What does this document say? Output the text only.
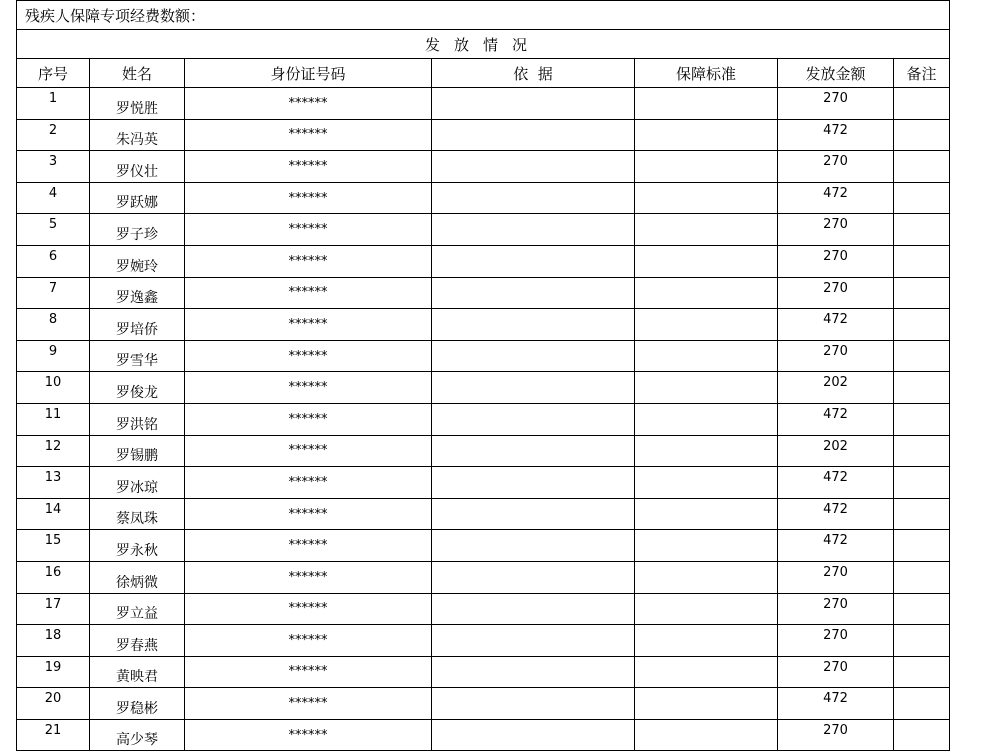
残疾人保障专项经费数额：						
发放情况						
序号	姓名	身份证号码	依  据	保障标准	发放金额	备注
1	罗悦胜	******			270	
2	朱冯英	******			472	
3	罗仪壮	******			270	
4	罗跃娜	******			472	
5	罗子珍	******			270	
6	罗婉玲	******			270	
7	罗逸鑫	******			270	
8	罗培侨	******			472	
9	罗雪华	******			270	
10	罗俊龙	******			202	
11	罗洪铭	******			472	
12	罗锡鹏	******			202	
13	罗冰琼	******			472	
14	蔡凤珠	******			472	
15	罗永秋	******			472	
16	徐炳微	******			270	
17	罗立益	******			270	
18	罗春燕	******			270	
19	黄映君	******			270	
20	罗稳彬	******			472	
21	高少琴	******			270	
